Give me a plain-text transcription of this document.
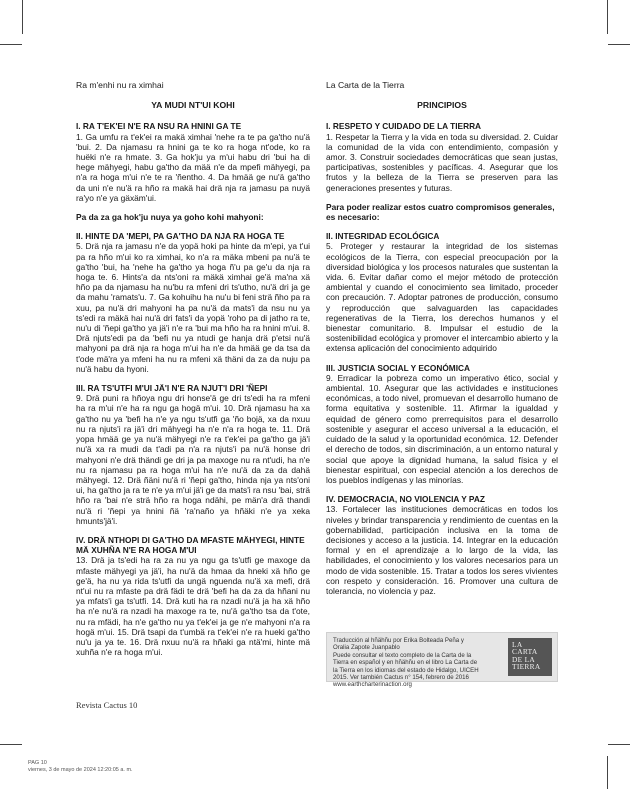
Ra m'enhi nu ra ximhai
YA MUDI NT'UI KOHI
I. RA T'EK'EI N'E RA NSU RA HNINI GA TE
1. Ga umfu ra t'ek'ei ra makä ximhai 'nehe ra te pa ga'tho nu'ä 'bui. 2. Da njamasu ra hnini ga te ko ra hoga nt'ode, ko ra huëki n'e ra hmate. 3. Ga hok'ju ya m'ui habu dri 'bui ha di hege mähyegi, habu ga'tho da mää n'e da mpefi mähyegi, pa n'a ra hoga m'ui n'e te ra 'ñentho. 4. Da hmää ge nu'ä ga'tho da uni n'e nu'ä ra hño ra makä hai drä nja ra jamasu pa nuyä ra'yo n'e ya gäxäm'ui.
Pa da za ga hok'ju nuya ya goho kohi mahyoni:
II. HINTE DA 'MEPI, PA GA'THO DA NJA RA HOGA TE
5. Drä nja ra jamasu n'e da yopä hoki pa hinte da m'epi, ya t'ui pa ra hño m'ui ko ra ximhai, ko n'a ra mäka mbeni pa nu'ä te ga'tho 'bui, ha 'nehe ha ga'tho ya hoga ñ'u pa ge'u da nja ra hoga te. 6. Hints'a da nts'oni ra mäkä ximhai ge'ä ma'na xä hño pa da njamasu ha nu'bu ra mfeni dri ts'utho, nu'ä dri ja ge da mahu 'ramats'u. 7. Ga kohuihu ha nu'u bi feni strä ñho pa ra xuu, pa nu'ä dri mahyoni ha pa nu'ä da mats'i da nsu nu ya ts'edi ra mäkä hai nu'ä dri fats'i da yopä 'roho pa di jatho ra te, nu'u di 'ñepi ga'tho ya jä'i n'e ra 'bui ma hño ha ra hnini m'ui. 8. Drä njuts'edi pa da 'befi nu ya ntudi ge hanja drä p'etsi nu'ä mahyoni pa drä nja ra hoga m'ui ha n'e da hmää ge da tsa da t'ode mä'ra ya mfeni ha nu ra mfeni xä thäni da za da nuju pa nu'ä habu da hyoni.
III. RA TS'UTFI M'UI JÄ'I N'E RA NJUT'I DRI 'ÑEPI
9. Drä puni ra hñoya ngu dri honse'ä ge dri ts'edi ha ra mfeni ha ra m'ui n'e ha ra ngu ga hogä m'ui. 10. Drä njamasu ha xa ga'tho nu ya 'befi ha n'e ya ngu ts'utfi ga 'ño bojä, xa da nxuu nu ra njuts'i ra jä'i dri mähyegi ha n'e n'a ra hoga te. 11. Drä yopa hmää ge ya nu'ä mähyegi n'e ra t'ek'ei pa ga'tho ga jä'i nu'ä xa ra mudi da t'adi pa n'a ra njuts'i pa nu'ä honse dri mahyoni n'e drä thändi ge dri ja pa maxoge nu ra nt'udi, ha n'e nu ra njamasu pa ra hoga m'ui ha n'e nu'ä da za da dahä mähyegi. 12. Drä ñäni nu'ä ri 'ñepi ga'tho, hinda nja ya nts'oni ui, ha ga'tho ja ra te n'e ya m'ui jä'i ge da mats'i ra nsu 'bai, strä hño ra 'bai n'e strä hño ra hoga ndähi, pe män'a drä thandi nu'ä ri 'ñepi ya hnini ñä 'ra'naño ya hñäki n'e ya xeka hmunts'jä'i.
IV. DRÄ NTHOPI DI GA'THO DA MFASTE MÄHYEGI, HINTE MÄ XUHÑA N'E RA HOGA M'UI
13. Drä ja ts'edi ha ra za nu ya ngu ga ts'utfi ge maxoge da mfaste mähyegi ya jä'i, ha nu'ä da hmaa da hneki xä hño ge ge'ä, ha nu ya rida ts'utfi da ungä nguenda nu'ä xa mefi, drä nt'ui nu ra mfaste pa drä fädi te drä 'befi ha da za da hñani nu ya mfats'i ga ts'utfi. 14. Drä kuti ha ra nzadi nu'ä ja ha xä hño ha n'e nu'ä ra nzadi ha maxoge ra te, nu'ä ga'tho tsa da t'ote, nu ra mfädi, ha n'e ga'tho nu ya t'ek'ei ja ge n'e mahyoni n'a ra hogä m'ui. 15. Drä tsapi da t'umbä ra t'ek'ei n'e ra hueki ga'tho nu'u ja ya te. 16. Drä nxuu nu'ä ra hñaki ga ntä'mi, hinte mä xuhña n'e ra hoga m'ui.
La Carta de la Tierra
PRINCIPIOS
I. RESPETO Y CUIDADO DE LA TIERRA
1. Respetar la Tierra y la vida en toda su diversidad. 2. Cuidar la comunidad de la vida con entendimiento, compasión y amor. 3. Construir sociedades democráticas que sean justas, participativas, sostenibles y pacíficas. 4. Asegurar que los frutos y la belleza de la Tierra se preserven para las generaciones presentes y futuras.
Para poder realizar estos cuatro compromisos generales, es necesario:
II. INTEGRIDAD ECOLÓGICA
5. Proteger y restaurar la integridad de los sistemas ecológicos de la Tierra, con especial preocupación por la diversidad biológica y los procesos naturales que sustentan la vida. 6. Evitar dañar como el mejor método de protección ambiental y cuando el conocimiento sea limitado, proceder con precaución. 7. Adoptar patrones de producción, consumo y reproducción que salvaguarden las capacidades regenerativas de la Tierra, los derechos humanos y el bienestar comunitario. 8. Impulsar el estudio de la sostenibilidad ecológica y promover el intercambio abierto y la extensa aplicación del conocimiento adquirido
III. JUSTICIA SOCIAL Y ECONÓMICA
9. Erradicar la pobreza como un imperativo ético, social y ambiental. 10. Asegurar que las actividades e instituciones económicas, a todo nivel, promuevan el desarrollo humano de forma equitativa y sostenible. 11. Afirmar la igualdad y equidad de género como prerrequisitos para el desarrollo sostenible y asegurar el acceso universal a la educación, el cuidado de la salud y la oportunidad económica. 12. Defender el derecho de todos, sin discriminación, a un entorno natural y social que apoye la dignidad humana, la salud física y el bienestar espiritual, con especial atención a los derechos de los pueblos indígenas y las minorías.
IV. DEMOCRACIA, NO VIOLENCIA Y PAZ
13. Fortalecer las instituciones democráticas en todos los niveles y brindar transparencia y rendimiento de cuentas en la gobernabilidad, participación inclusiva en la toma de decisiones y acceso a la justicia. 14. Integrar en la educación formal y en el aprendizaje a lo largo de la vida, las habilidades, el conocimiento y los valores necesarios para un modo de vida sostenible. 15. Tratar a todos los seres vivientes con respeto y consideración. 16. Promover una cultura de tolerancia, no violencia y paz.
Traducción al hñähñu por Erika Bolteada Peña y
Oralia Zapote Juanpablo
Puede consultar el texto completo de la Carta de la
Tierra en español y en hñähñu en el libro La Carta de
la Tierra en los idiomas del estado de Hidalgo, UICEH
2015. Ver también Cactus n° 154, febrero de 2016
www.earthcharterinaction.org
LA
CARTA
DE LA
TIERRA
Revista Cactus 10
PAG 10
viernes, 3 de mayo de 2024 12:20:05 a. m.
